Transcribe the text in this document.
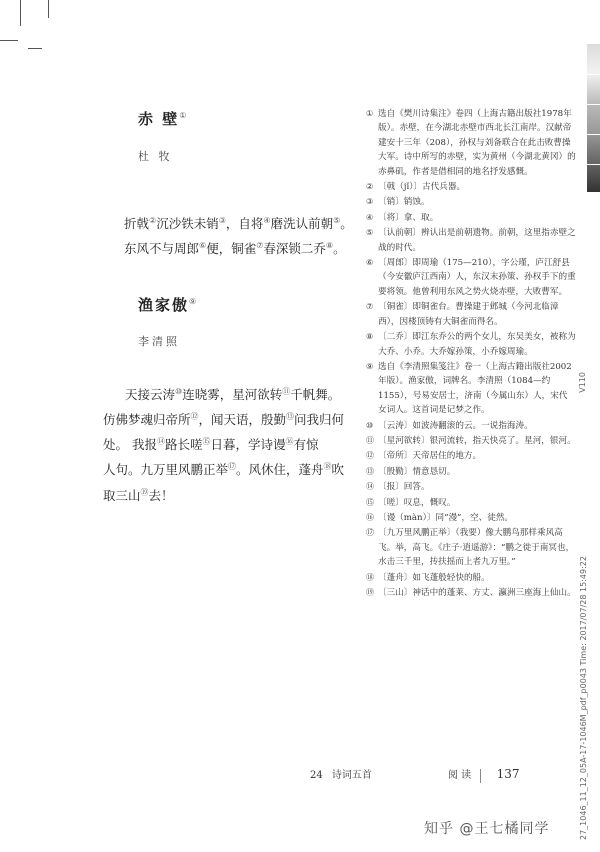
V110
27_1046_11_12_05A-17-1046M_pdf_p0043 Time: 2017/07/28 15:49:22
赤 壁①
杜 牧
折戟②沉沙铁未销③，自将④磨洗认前朝⑤。
东风不与周郎⑥便，铜雀⑦春深锁二乔⑧。
渔家傲⑨
李清照
天接云涛⑩连晓雾，星河欲转⑪千帆舞。
仿佛梦魂归帝所⑫，闻天语，殷勤⑬问我归何
处。 我报⑭路长嗟⑮日暮，学诗谩⑯有惊
人句。九万里风鹏正举⑰。风休住，蓬舟⑱吹
取三山⑲去！
① 选自《樊川诗集注》卷四（上海古籍出版社1978年版）。赤壁，在今湖北赤壁市西北长江南岸。汉献帝建安十三年（208），孙权与刘备联合在此击败曹操大军。诗中所写的赤壁，实为黄州（今湖北黄冈）的赤鼻矶，作者是借相同的地名抒发感慨。
② 〔戟（jǐ）〕古代兵器。
③ 〔销〕销蚀。
④ 〔将〕拿、取。
⑤ 〔认前朝〕辨认出是前朝遗物。前朝，这里指赤壁之战的时代。
⑥ 〔周郎〕即周瑜（175—210），字公瑾，庐江舒县（今安徽庐江西南）人，东汉末孙策、孙权手下的重要将领。他曾利用东风之势火烧赤壁，大败曹军。
⑦ 〔铜雀〕即铜雀台。曹操建于邺城（今河北临漳西），因楼顶铸有大铜雀而得名。
⑧ 〔二乔〕即江东乔公的两个女儿，东吴美女，被称为大乔、小乔。大乔嫁孙策，小乔嫁周瑜。
⑨ 选自《李清照集笺注》卷一（上海古籍出版社2002年版）。渔家傲，词牌名。李清照（1084—约1155），号易安居士，济南（今属山东）人，宋代女词人。这首词是记梦之作。
⑩ 〔云涛〕如波涛翻滚的云。一说指海涛。
⑪ 〔星河欲转〕银河流转，指天快亮了。星河，银河。
⑫ 〔帝所〕天帝居住的地方。
⑬ 〔殷勤〕情意恳切。
⑭ 〔报〕回答。
⑮ 〔嗟〕叹息，慨叹。
⑯ 〔谩（màn）〕同“漫”，空、徒然。
⑰ 〔九万里风鹏正举〕（我要）像大鹏鸟那样乘风高飞。举，高飞。《庄子·逍遥游》：“鹏之徙于南冥也，水击三千里，抟扶摇而上者九万里。”
⑱ 〔蓬舟〕如飞蓬般轻快的船。
⑲ 〔三山〕神话中的蓬莱、方丈、瀛洲三座海上仙山。
24 诗词五首	阅 读 137
知乎 @王七橘同学
